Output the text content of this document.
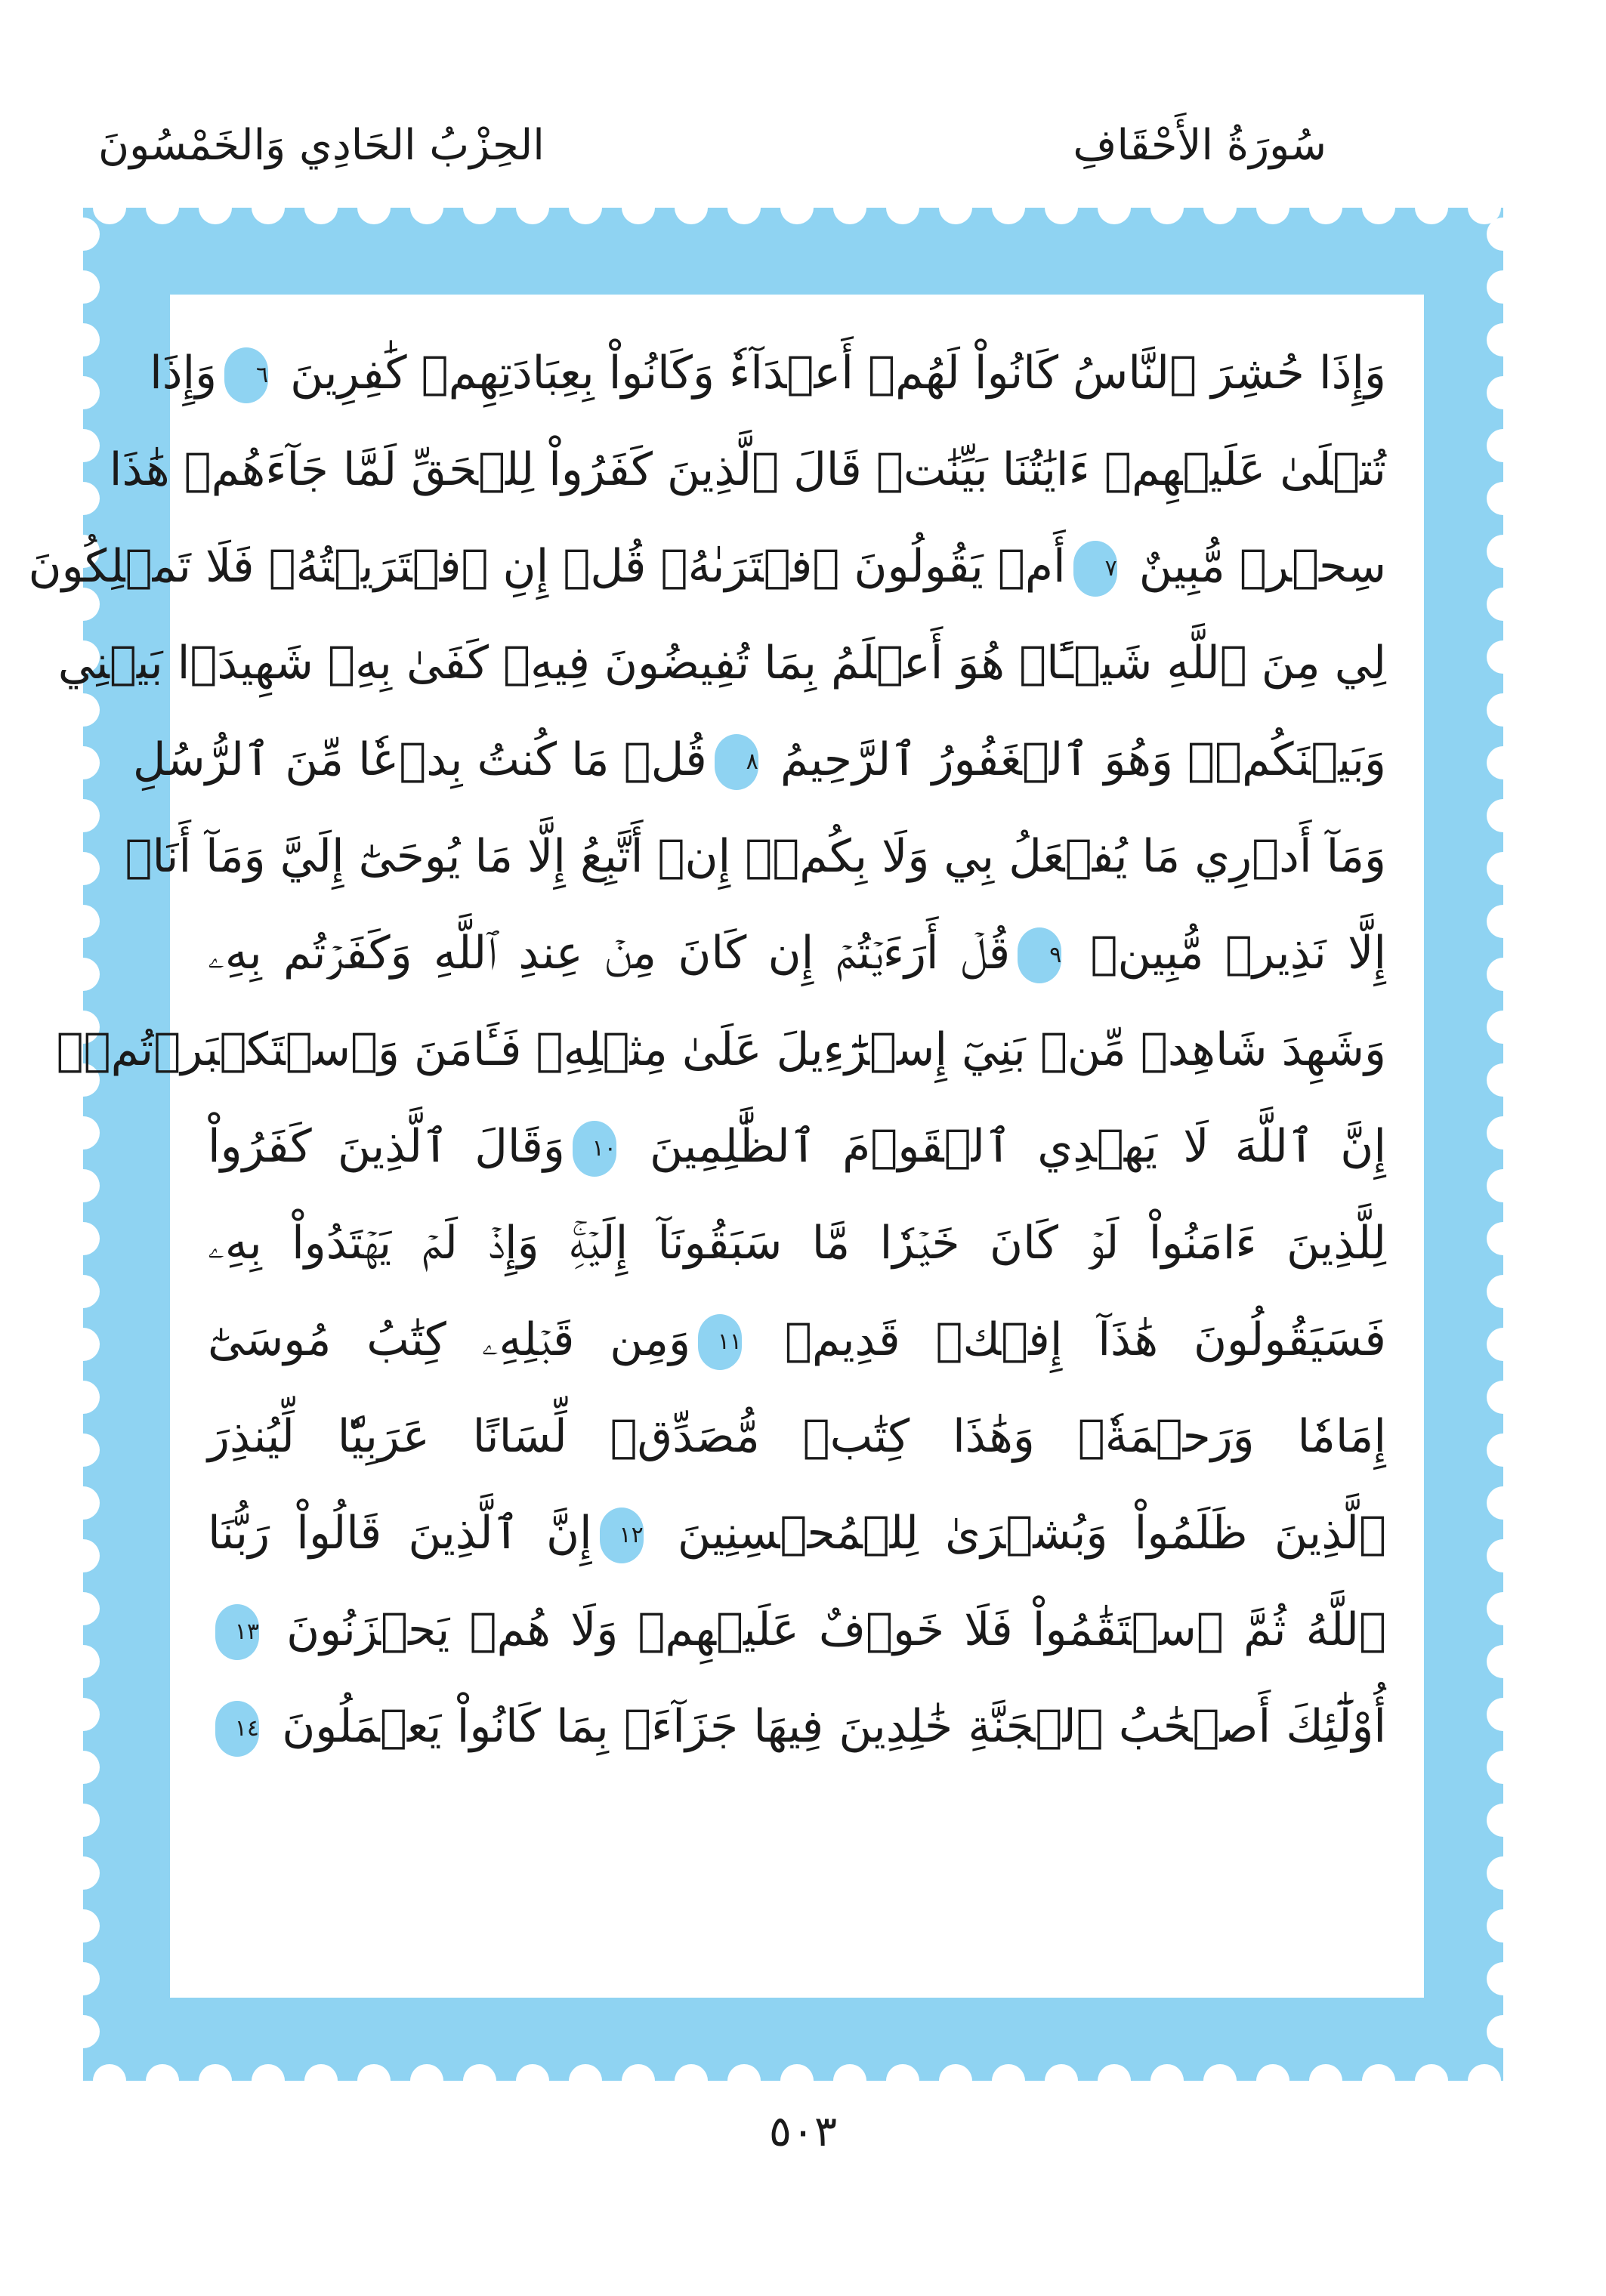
الحِزْبُ الحَادِي وَالخَمْسُونَ	سُورَةُ الأَحْقَافِ
وَإِذَا حُشِرَ ٱلنَّاسُ كَانُواْ لَهُمۡ أَعۡدَآءٗ وَكَانُواْ بِعِبَادَتِهِمۡ كَٰفِرِينَ ٦وَإِذَا
تُتۡلَىٰ عَلَيۡهِمۡ ءَايَٰتُنَا بَيِّنَٰتٖ قَالَ ٱلَّذِينَ كَفَرُواْ لِلۡحَقِّ لَمَّا جَآءَهُمۡ هَٰذَا
سِحۡرٞ مُّبِينٌ ٧أَمۡ يَقُولُونَ ٱفۡتَرَىٰهُۖ قُلۡ إِنِ ٱفۡتَرَيۡتُهُۥ فَلَا تَمۡلِكُونَ
لِي مِنَ ٱللَّهِ شَيۡـًٔاۖ هُوَ أَعۡلَمُ بِمَا تُفِيضُونَ فِيهِۖ كَفَىٰ بِهِۦ شَهِيدَۢا بَيۡنِي
وَبَيۡنَكُمۡۖ وَهُوَ ٱلۡغَفُورُ ٱلرَّحِيمُ ٨قُلۡ مَا كُنتُ بِدۡعٗا مِّنَ ٱلرُّسُلِ
وَمَآ أَدۡرِي مَا يُفۡعَلُ بِي وَلَا بِكُمۡۖ إِنۡ أَتَّبِعُ إِلَّا مَا يُوحَىٰٓ إِلَيَّ وَمَآ أَنَا۠
إِلَّا نَذِيرٞ مُّبِينٞ ٩قُلۡ أَرَءَيۡتُمۡ إِن كَانَ مِنۡ عِندِ ٱللَّهِ وَكَفَرۡتُم بِهِۦ
وَشَهِدَ شَاهِدٞ مِّنۢ بَنِيٓ إِسۡرَٰٓءِيلَ عَلَىٰ مِثۡلِهِۦ فَـَٔامَنَ وَٱسۡتَكۡبَرۡتُمۡۚ
إِنَّ ٱللَّهَ لَا يَهۡدِي ٱلۡقَوۡمَ ٱلظَّٰلِمِينَ ١٠وَقَالَ ٱلَّذِينَ كَفَرُواْ
لِلَّذِينَ ءَامَنُواْ لَوۡ كَانَ خَيۡرٗا مَّا سَبَقُونَآ إِلَيۡهِۚ وَإِذۡ لَمۡ يَهۡتَدُواْ بِهِۦ
فَسَيَقُولُونَ هَٰذَآ إِفۡكٞ قَدِيمٞ ١١وَمِن قَبۡلِهِۦ كِتَٰبُ مُوسَىٰٓ
إِمَامٗا وَرَحۡمَةٗۚ وَهَٰذَا كِتَٰبٞ مُّصَدِّقٞ لِّسَانًا عَرَبِيّٗا لِّيُنذِرَ
ٱلَّذِينَ ظَلَمُواْ وَبُشۡرَىٰ لِلۡمُحۡسِنِينَ ١٢إِنَّ ٱلَّذِينَ قَالُواْ رَبُّنَا
ٱللَّهُ ثُمَّ ٱسۡتَقَٰمُواْ فَلَا خَوۡفٌ عَلَيۡهِمۡ وَلَا هُمۡ يَحۡزَنُونَ ١٣
أُوْلَٰٓئِكَ أَصۡحَٰبُ ٱلۡجَنَّةِ خَٰلِدِينَ فِيهَا جَزَآءَۢ بِمَا كَانُواْ يَعۡمَلُونَ ١٤
٥٠٣
